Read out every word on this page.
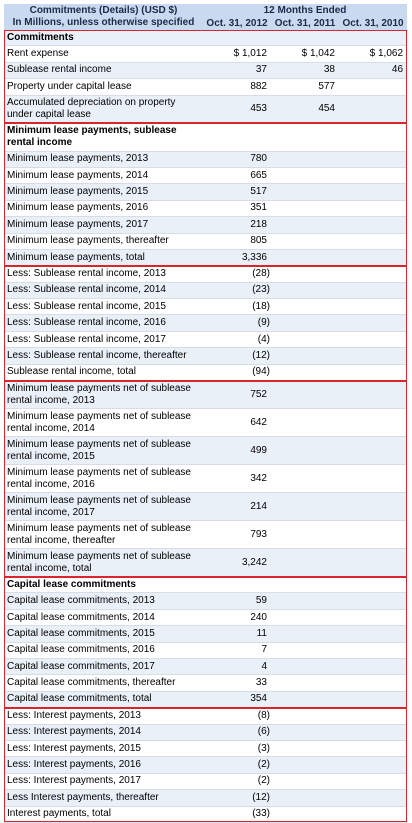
Commitments (Details) (USD $)
In Millions, unless otherwise specified	12 Months Ended		
	Oct. 31, 2012	Oct. 31, 2011	Oct. 31, 2010
Commitments			
Rent expense	$ 1,012	$ 1,042	$ 1,062
Sublease rental income	37	38	46
Property under capital lease	882	577	
Accumulated depreciation on property under capital lease	453	454	
Minimum lease payments, sublease rental income			
Minimum lease payments, 2013	780		
Minimum lease payments, 2014	665		
Minimum lease payments, 2015	517		
Minimum lease payments, 2016	351		
Minimum lease payments, 2017	218		
Minimum lease payments, thereafter	805		
Minimum lease payments, total	3,336		
Less: Sublease rental income, 2013	(28)		
Less: Sublease rental income, 2014	(23)		
Less: Sublease rental income, 2015	(18)		
Less: Sublease rental income, 2016	(9)		
Less: Sublease rental income, 2017	(4)		
Less: Sublease rental income, thereafter	(12)		
Sublease rental income, total	(94)		
Minimum lease payments net of sublease rental income, 2013	752		
Minimum lease payments net of sublease rental income, 2014	642		
Minimum lease payments net of sublease rental income, 2015	499		
Minimum lease payments net of sublease rental income, 2016	342		
Minimum lease payments net of sublease rental income, 2017	214		
Minimum lease payments net of sublease rental income, thereafter	793		
Minimum lease payments net of sublease rental income, total	3,242		
Capital lease commitments			
Capital lease commitments, 2013	59		
Capital lease commitments, 2014	240		
Capital lease commitments, 2015	11		
Capital lease commitments, 2016	7		
Capital lease commitments, 2017	4		
Capital lease commitments, thereafter	33		
Capital lease commitments, total	354		
Less: Interest payments, 2013	(8)		
Less: Interest payments, 2014	(6)		
Less: Interest payments, 2015	(3)		
Less: Interest payments, 2016	(2)		
Less: Interest payments, 2017	(2)		
Less Interest payments, thereafter	(12)		
Interest payments, total	(33)		
